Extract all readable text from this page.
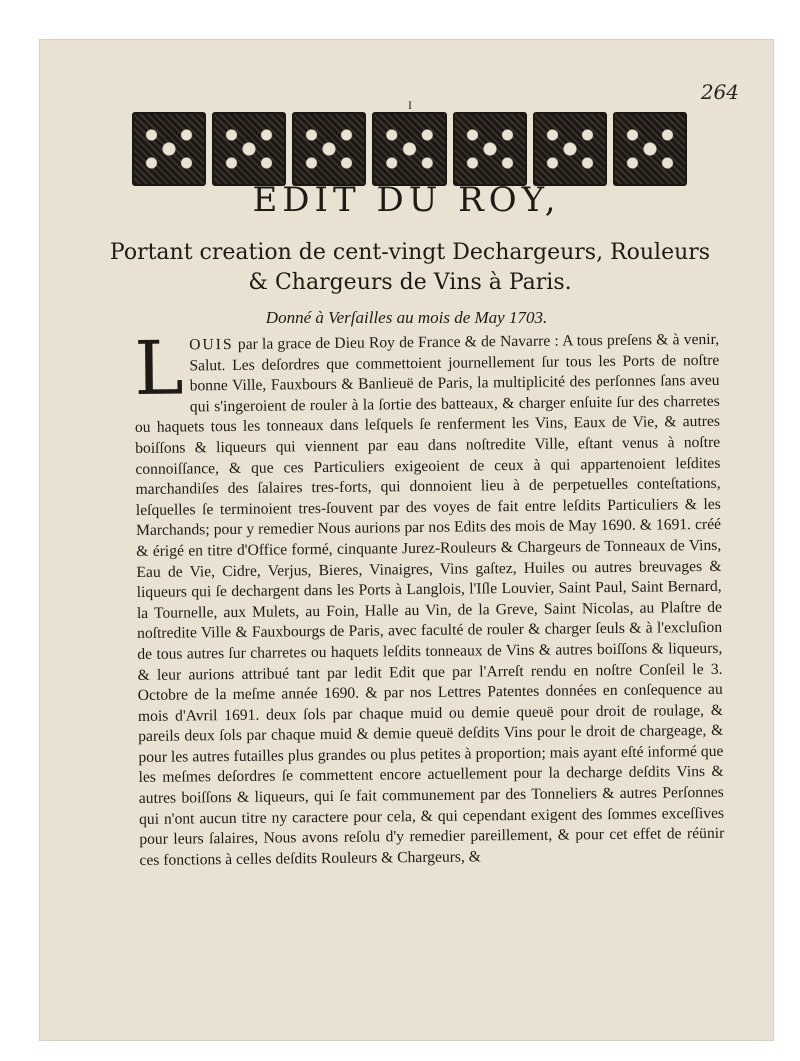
I
264
EDIT DU ROY,
Portant creation de cent-vingt Dechargeurs, Rouleurs & Chargeurs de Vins à Paris.
Donné à Verſailles au mois de May 1703.

LOUIS par la grace de Dieu Roy de France & de Navarre : A tous preſens & à venir, Salut. Les deſordres que commettoient journellement ſur tous les Ports de noſtre bonne Ville, Fauxbours & Banlieuë de Paris, la multiplicité des perſonnes ſans aveu qui s'ingeroient de rouler à la ſortie des batteaux, & charger enſuite ſur des charretes ou haquets tous les tonneaux dans leſquels ſe renferment les Vins, Eaux de Vie, & autres boiſſons & liqueurs qui viennent par eau dans noſtredite Ville, eſtant venus à noſtre connoiſſance, & que ces Particuliers exigeoient de ceux à qui appartenoient leſdites marchandiſes des ſalaires tres-forts, qui donnoient lieu à de perpetuelles conteſtations, leſquelles ſe terminoient tres-ſouvent par des voyes de fait entre leſdits Particuliers & les Marchands; pour y remedier Nous aurions par nos Edits des mois de May 1690. & 1691. créé & érigé en titre d'Office formé, cinquante Jurez-Rouleurs & Chargeurs de Tonneaux de Vins, Eau de Vie, Cidre, Verjus, Bieres, Vinaigres, Vins gaſtez, Huiles ou autres breuvages & liqueurs qui ſe dechargent dans les Ports à Langlois, l'Iſle Louvier, Saint Paul, Saint Bernard, la Tournelle, aux Mulets, au Foin, Halle au Vin, de la Greve, Saint Nicolas, au Plaſtre de noſtredite Ville & Fauxbourgs de Paris, avec faculté de rouler & charger ſeuls & à l'excluſion de tous autres ſur charretes ou haquets leſdits tonneaux de Vins & autres boiſſons & liqueurs, & leur aurions attribué tant par ledit Edit que par l'Arreſt rendu en noſtre Conſeil le 3. Octobre de la meſme année 1690. & par nos Lettres Patentes données en conſequence au mois d'Avril 1691. deux ſols par chaque muid ou demie queuë pour droit de roulage, & pareils deux ſols par chaque muid & demie queuë deſdits Vins pour le droit de chargeage, & pour les autres futailles plus grandes ou plus petites à proportion; mais ayant eſté informé que les meſmes deſordres ſe commettent encore actuellement pour la decharge deſdits Vins & autres boiſſons & liqueurs, qui ſe fait communement par des Tonneliers & autres Perſonnes qui n'ont aucun titre ny caractere pour cela, & qui cependant exigent des ſommes exceſſives pour leurs ſalaires, Nous avons reſolu d'y remedier pareillement, & pour cet effet de réünir ces fonctions à celles deſdits Rouleurs & Chargeurs, &
